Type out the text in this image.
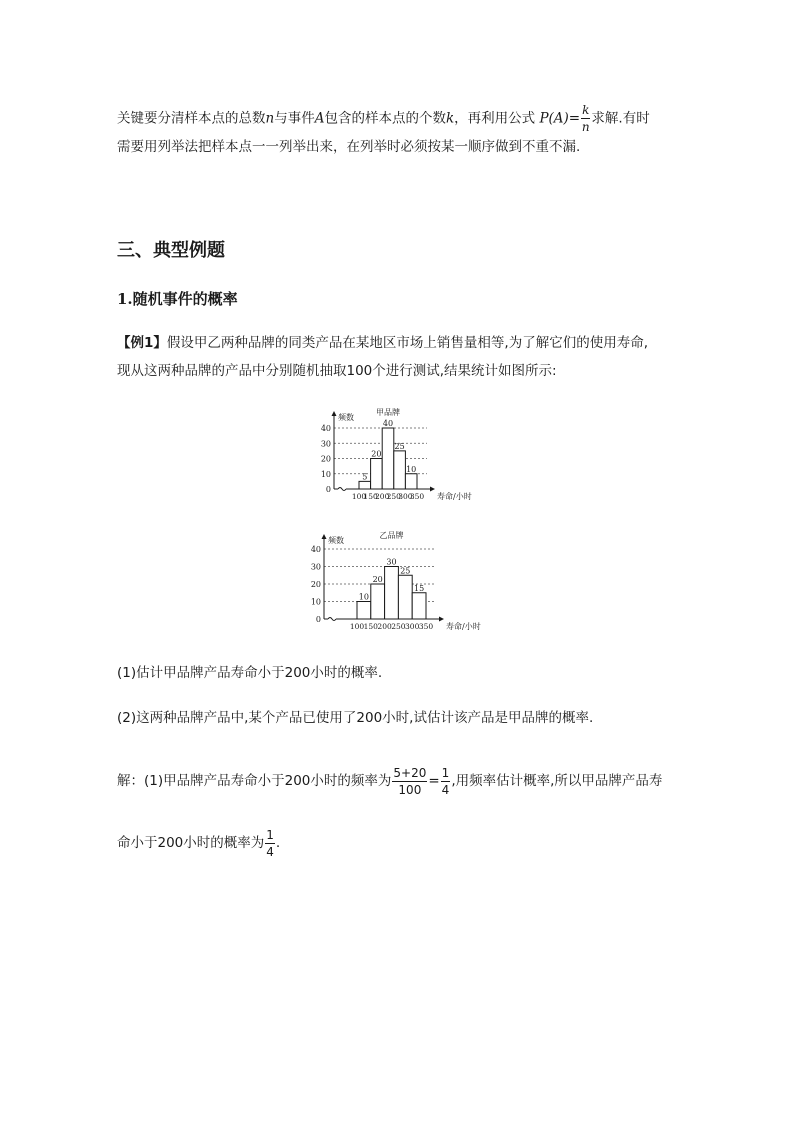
关键要分清样本点的总数n与事件A包含的样本点的个数k，再利用公式 $P(A)= \frac{k}{n}$ 求解.有时
需要用列举法把样本点一一列举出来，在列举时必须按某一顺序做到不重不漏.
三、典型例题
1.随机事件的概率
【例1】假设甲乙两种品牌的同类产品在某地区市场上销售量相等,为了解它们的使用寿命,
现从这两种品牌的产品中分别随机抽取100个进行测试,结果统计如图所示:
0
10
20
30
40
5
20
40
25
10
100
150
200
250
300
350 寿命/小时
频数
甲品牌
0
10
20
30
40
10
20
30
25
15
100 150 200 250 300 350 寿命/小时
频数
乙品牌
(1)估计甲品牌产品寿命小于200小时的概率.
(2)这两种品牌产品中,某个产品已使用了200小时,试估计该产品是甲品牌的概率.
解：(1)甲品牌产品寿命小于200小时的频率为 $\frac{5+20}{100} = \frac{1}{4}$ ,用频率估计概率,所以甲品牌产品寿
命小于200小时的概率为 $\frac{1}{4}$ .
